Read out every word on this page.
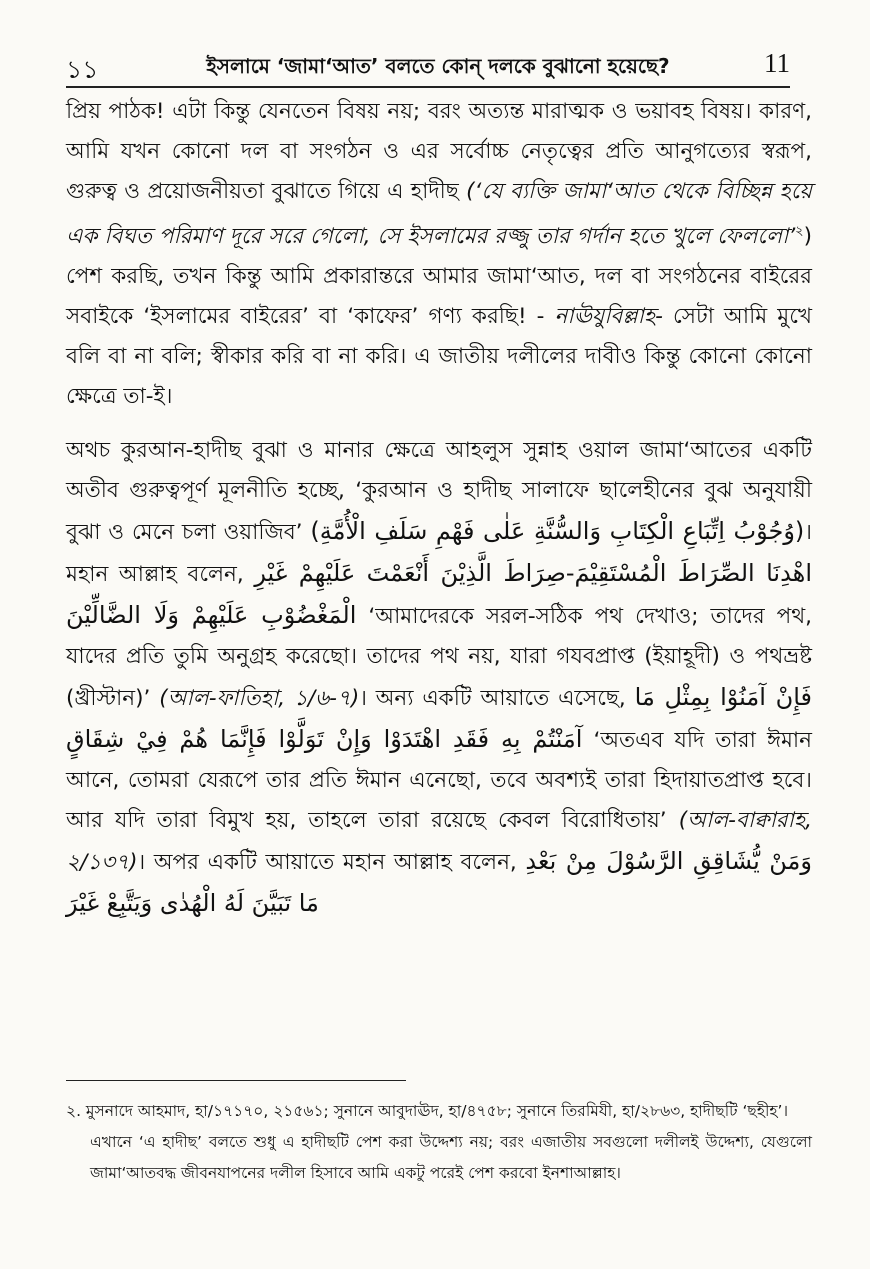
১১	ইসলামে ‘জামা‘আত’ বলতে কোন্ দলকে বুঝানো হয়েছে?	11

প্রিয় পাঠক! এটা কিন্তু যেনতেন বিষয় নয়; বরং অত্যন্ত মারাত্মক ও ভয়াবহ বিষয়। কারণ, আমি যখন কোনো দল বা সংগঠন ও এর সর্বোচ্চ নেতৃত্বের প্রতি আনুগত্যের স্বরূপ, গুরুত্ব ও প্রয়োজনীয়তা বুঝাতে গিয়ে এ হাদীছ (‘যে ব্যক্তি জামা‘আত থেকে বিচ্ছিন্ন হয়ে এক বিঘত পরিমাণ দূরে সরে গেলো, সে ইসলামের রজ্জু তার গর্দান হতে খুলে ফেললো’$^২$) পেশ করছি, তখন কিন্তু আমি প্রকারান্তরে আমার জামা‘আত, দল বা সংগঠনের বাইরের সবাইকে ‘ইসলামের বাইরের’ বা ‘কাফের’ গণ্য করছি! - নাঊযুবিল্লাহ- সেটা আমি মুখে বলি বা না বলি; স্বীকার করি বা না করি। এ জাতীয় দলীলের দাবীও কিন্তু কোনো কোনো ক্ষেত্রে তা-ই।

অথচ কুরআন-হাদীছ বুঝা ও মানার ক্ষেত্রে আহলুস সুন্নাহ ওয়াল জামা‘আতের একটি অতীব গুরুত্বপূর্ণ মূলনীতি হচ্ছে, ‘কুরআন ও হাদীছ সালাফে ছালেহীনের বুঝ অনুযায়ী বুঝা ও মেনে চলা ওয়াজিব’ (وُجُوْبُ اِتِّبَاعِ الْكِتَابِ وَالسُّنَّةِ عَلٰى فَهْمِ سَلَفِ الْأُمَّةِ)। মহান আল্লাহ বলেন, اهْدِنَا الصِّرَاطَ الْمُسْتَقِيْمَ-صِرَاطَ الَّذِيْنَ أَنْعَمْتَ عَلَيْهِمْ غَيْرِ الْمَغْضُوْبِ عَلَيْهِمْ وَلَا الضَّالِّيْنَ ‘আমাদেরকে সরল-সঠিক পথ দেখাও; তাদের পথ, যাদের প্রতি তুমি অনুগ্রহ করেছো। তাদের পথ নয়, যারা গযবপ্রাপ্ত (ইয়াহূদী) ও পথভ্রষ্ট (খ্রীস্টান)’ (আল-ফাতিহা, ১/৬-৭)। অন্য একটি আয়াতে এসেছে, فَإِنْ آمَنُوْا بِمِثْلِ مَا آمَنْتُمْ بِهِ فَقَدِ اهْتَدَوْا وَإِنْ تَوَلَّوْا فَإِنَّمَا هُمْ فِيْ شِقَاقٍ ‘অতএব যদি তারা ঈমান আনে, তোমরা যেরূপে তার প্রতি ঈমান এনেছো, তবে অবশ্যই তারা হিদায়াতপ্রাপ্ত হবে। আর যদি তারা বিমুখ হয়, তাহলে তারা রয়েছে কেবল বিরোধিতায়’ (আল-বাক্বারাহ, ২/১৩৭)। অপর একটি আয়াতে মহান আল্লাহ বলেন, وَمَنْ يُّشَاقِقِ الرَّسُوْلَ مِنْ بَعْدِ مَا تَبَيَّنَ لَهُ الْهُدٰى وَيَتَّبِعْ غَيْرَ

২. মুসনাদে আহমাদ, হা/১৭১৭০, ২১৫৬১; সুনানে আবুদাঊদ, হা/৪৭৫৮; সুনানে তিরমিযী, হা/২৮৬৩, হাদীছটি ‘ছহীহ’।

এখানে ‘এ হাদীছ’ বলতে শুধু এ হাদীছটি পেশ করা উদ্দেশ্য নয়; বরং এজাতীয় সবগুলো দলীলই উদ্দেশ্য, যেগুলো জামা‘আতবদ্ধ জীবনযাপনের দলীল হিসাবে আমি একটু পরেই পেশ করবো ইনশাআল্লাহ।
